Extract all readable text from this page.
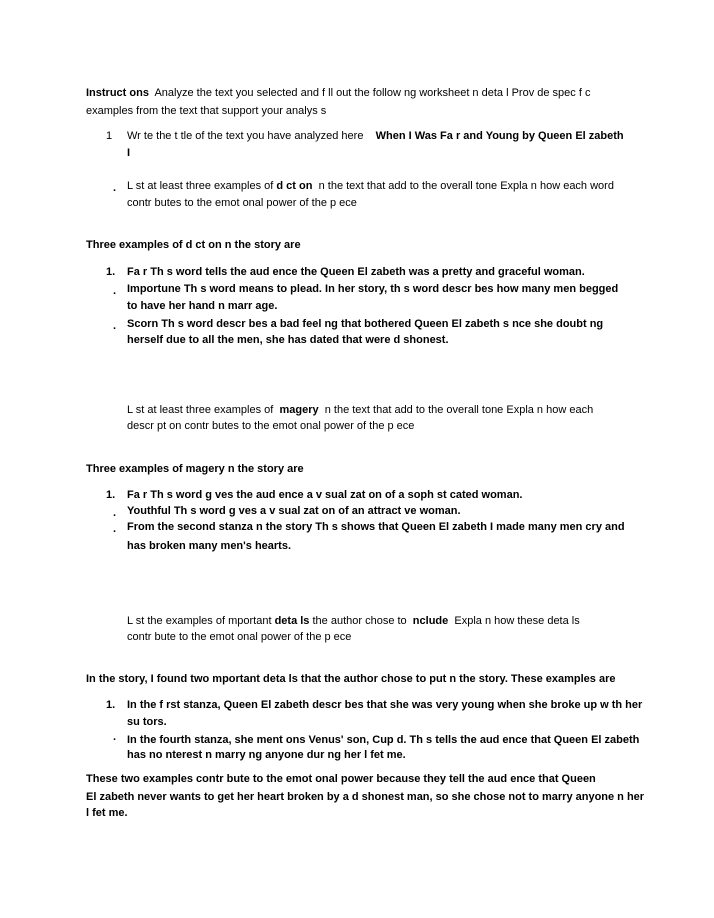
Instruct ons Analyze the text you selected and f ll out the follow ng worksheet n deta l Prov de spec f c
examples from the text that support your analys s
1 Wr te the t tle of the text you have analyzed here When I Was Fa r and Young by Queen El zabeth
I
. L st at least three examples of d ct on n the text that add to the overall tone Expla n how each word
contr butes to the emot onal power of the p ece
Three examples of d ct on n the story are
1. Fa r Th s word tells the aud ence the Queen El zabeth was a pretty and graceful woman.
. Importune Th s word means to plead. In her story, th s word descr bes how many men begged
to have her hand n marr age.
. Scorn Th s word descr bes a bad feel ng that bothered Queen El zabeth s nce she doubt ng
herself due to all the men, she has dated that were d shonest.
L st at least three examples of magery n the text that add to the overall tone Expla n how each
descr pt on contr butes to the emot onal power of the p ece
Three examples of magery n the story are
1. Fa r Th s word g ves the aud ence a v sual zat on of a soph st cated woman.
. Youthful Th s word g ves a v sual zat on of an attract ve woman.
. From the second stanza n the story Th s shows that Queen El zabeth I made many men cry and
has broken many men's hearts.
L st the examples of mportant deta ls the author chose to nclude Expla n how these deta ls
contr bute to the emot onal power of the p ece
In the story, I found two mportant deta ls that the author chose to put n the story. These examples are
1. In the f rst stanza, Queen El zabeth descr bes that she was very young when she broke up w th her
su tors.
· In the fourth stanza, she ment ons Venus' son, Cup d. Th s tells the aud ence that Queen El zabeth
has no nterest n marry ng anyone dur ng her l fet me.
These two examples contr bute to the emot onal power because they tell the aud ence that Queen
El zabeth never wants to get her heart broken by a d shonest man, so she chose not to marry anyone n her
l fet me.
